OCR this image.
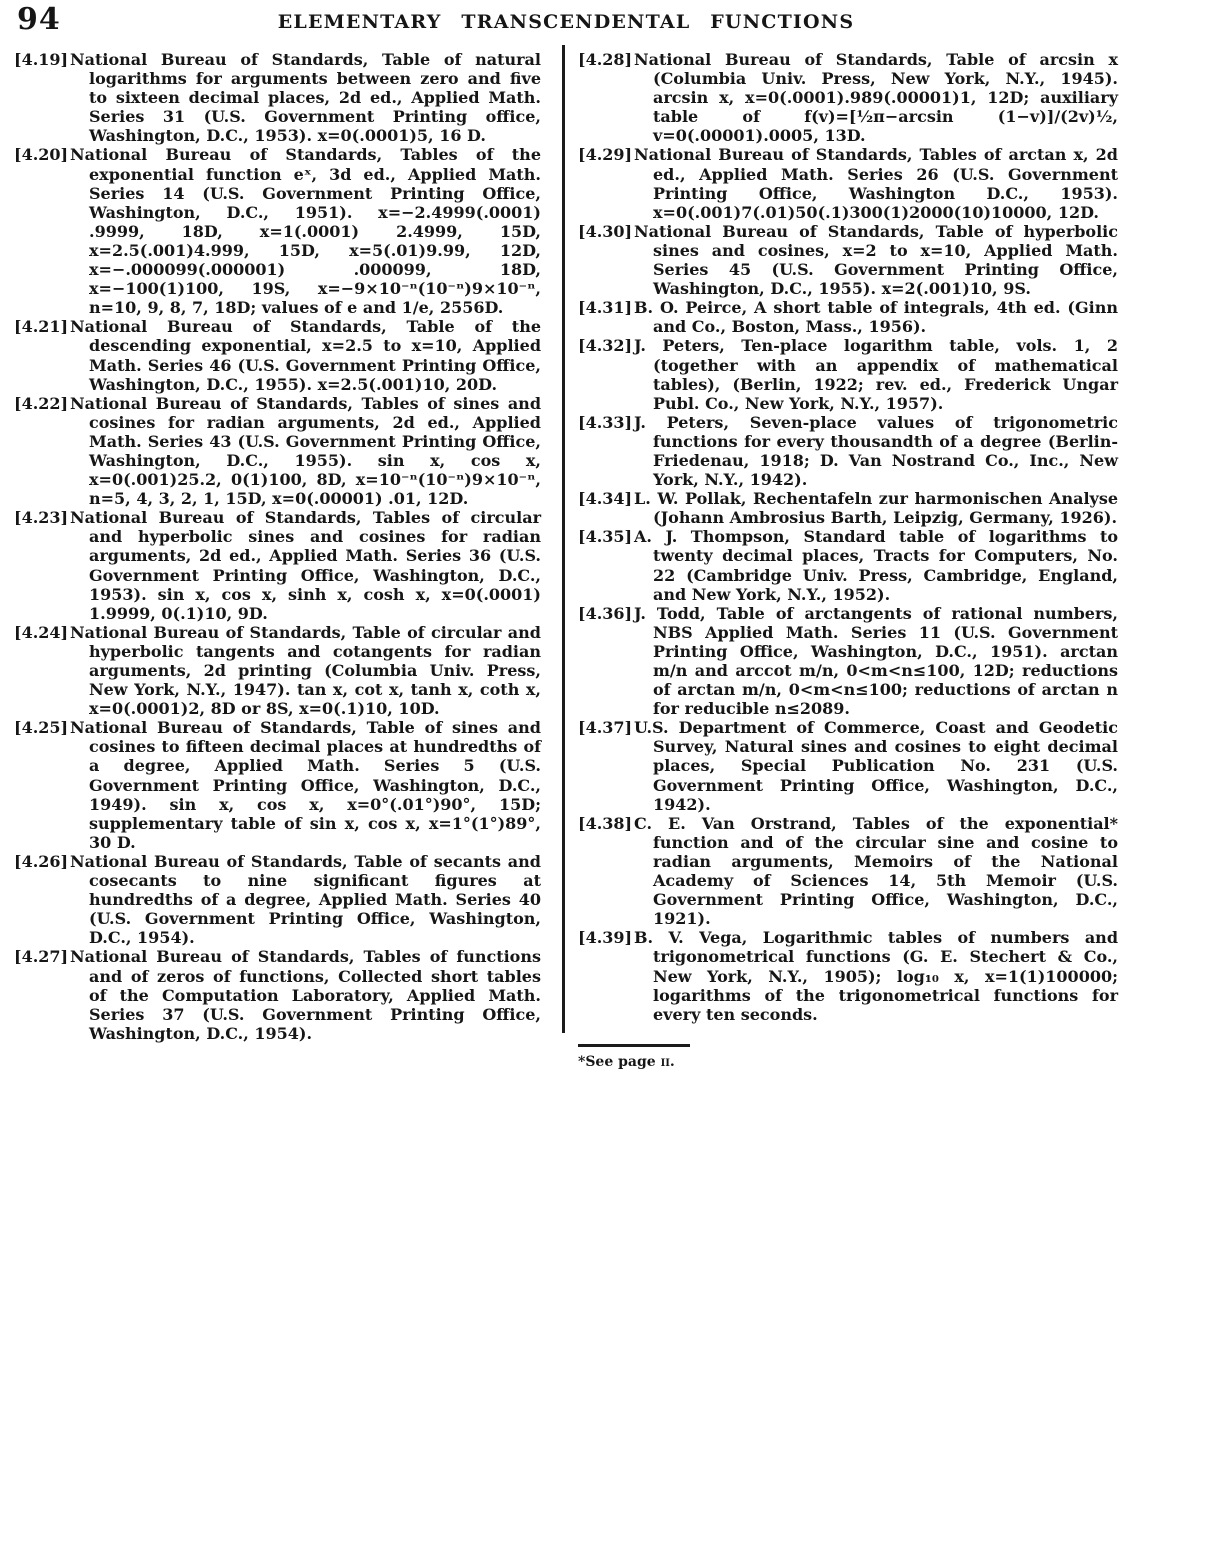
94	ELEMENTARY TRANSCENDENTAL FUNCTIONS

[4.19] National Bureau of Standards, Table of natural logarithms for arguments between zero and five to sixteen decimal places, 2d ed., Applied Math. Series 31 (U.S. Government Printing office, Washington, D.C., 1953). x=0(.0001)5, 16 D.

[4.20] National Bureau of Standards, Tables of the exponential function eˣ, 3d ed., Applied Math. Series 14 (U.S. Government Printing Office, Washington, D.C., 1951). x=−2.4999(.0001) .9999, 18D, x=1(.0001) 2.4999, 15D, x=2.5(.001)4.999, 15D, x=5(.01)9.99, 12D, x=−.000099(.000001) .000099, 18D, x=−100(1)100, 19S, x=−9×10⁻ⁿ(10⁻ⁿ)9×10⁻ⁿ, n=10, 9, 8, 7, 18D; values of e and 1/e, 2556D.

[4.21] National Bureau of Standards, Table of the descending exponential, x=2.5 to x=10, Applied Math. Series 46 (U.S. Government Printing Office, Washington, D.C., 1955). x=2.5(.001)10, 20D.

[4.22] National Bureau of Standards, Tables of sines and cosines for radian arguments, 2d ed., Applied Math. Series 43 (U.S. Government Printing Office, Washington, D.C., 1955). sin x, cos x, x=0(.001)25.2, 0(1)100, 8D, x=10⁻ⁿ(10⁻ⁿ)9×10⁻ⁿ, n=5, 4, 3, 2, 1, 15D, x=0(.00001) .01, 12D.

[4.23] National Bureau of Standards, Tables of circular and hyperbolic sines and cosines for radian arguments, 2d ed., Applied Math. Series 36 (U.S. Government Printing Office, Washington, D.C., 1953). sin x, cos x, sinh x, cosh x, x=0(.0001) 1.9999, 0(.1)10, 9D.

[4.24] National Bureau of Standards, Table of circular and hyperbolic tangents and cotangents for radian arguments, 2d printing (Columbia Univ. Press, New York, N.Y., 1947). tan x, cot x, tanh x, coth x, x=0(.0001)2, 8D or 8S, x=0(.1)10, 10D.

[4.25] National Bureau of Standards, Table of sines and cosines to fifteen decimal places at hundredths of a degree, Applied Math. Series 5 (U.S. Government Printing Office, Washington, D.C., 1949). sin x, cos x, x=0°(.01°)90°, 15D; supplementary table of sin x, cos x, x=1°(1°)89°, 30 D.

[4.26] National Bureau of Standards, Table of secants and cosecants to nine significant figures at hundredths of a degree, Applied Math. Series 40 (U.S. Government Printing Office, Washington, D.C., 1954).

[4.27] National Bureau of Standards, Tables of functions and of zeros of functions, Collected short tables of the Computation Laboratory, Applied Math. Series 37 (U.S. Government Printing Office, Washington, D.C., 1954).

[4.28] National Bureau of Standards, Table of arcsin x (Columbia Univ. Press, New York, N.Y., 1945). arcsin x, x=0(.0001).989(.00001)1, 12D; auxiliary table of f(v)=[½π−arcsin (1−v)]/(2v)½, v=0(.00001).0005, 13D.

[4.29] National Bureau of Standards, Tables of arctan x, 2d ed., Applied Math. Series 26 (U.S. Government Printing Office, Washington D.C., 1953). x=0(.001)7(.01)50(.1)300(1)2000(10)10000, 12D.

[4.30] National Bureau of Standards, Table of hyperbolic sines and cosines, x=2 to x=10, Applied Math. Series 45 (U.S. Government Printing Office, Washington, D.C., 1955). x=2(.001)10, 9S.

[4.31] B. O. Peirce, A short table of integrals, 4th ed. (Ginn and Co., Boston, Mass., 1956).

[4.32] J. Peters, Ten-place logarithm table, vols. 1, 2 (together with an appendix of mathematical tables), (Berlin, 1922; rev. ed., Frederick Ungar Publ. Co., New York, N.Y., 1957).

[4.33] J. Peters, Seven-place values of trigonometric functions for every thousandth of a degree (Berlin-Friedenau, 1918; D. Van Nostrand Co., Inc., New York, N.Y., 1942).

[4.34] L. W. Pollak, Rechentafeln zur harmonischen Analyse (Johann Ambrosius Barth, Leipzig, Germany, 1926).

[4.35] A. J. Thompson, Standard table of logarithms to twenty decimal places, Tracts for Computers, No. 22 (Cambridge Univ. Press, Cambridge, England, and New York, N.Y., 1952).

[4.36] J. Todd, Table of arctangents of rational numbers, NBS Applied Math. Series 11 (U.S. Government Printing Office, Washington, D.C., 1951). arctan m/n and arccot m/n, 0<m<n≤100, 12D; reductions of arctan m/n, 0<m<n≤100; reductions of arctan n for reducible n≤2089.

[4.37] U.S. Department of Commerce, Coast and Geodetic Survey, Natural sines and cosines to eight decimal places, Special Publication No. 231 (U.S. Government Printing Office, Washington, D.C., 1942).

[4.38] C. E. Van Orstrand, Tables of the exponential* function and of the circular sine and cosine to radian arguments, Memoirs of the National Academy of Sciences 14, 5th Memoir (U.S. Government Printing Office, Washington, D.C., 1921).

[4.39] B. V. Vega, Logarithmic tables of numbers and trigonometrical functions (G. E. Stechert & Co., New York, N.Y., 1905); log₁₀ x, x=1(1)100000; logarithms of the trigonometrical functions for every ten seconds.

*See page ii.
